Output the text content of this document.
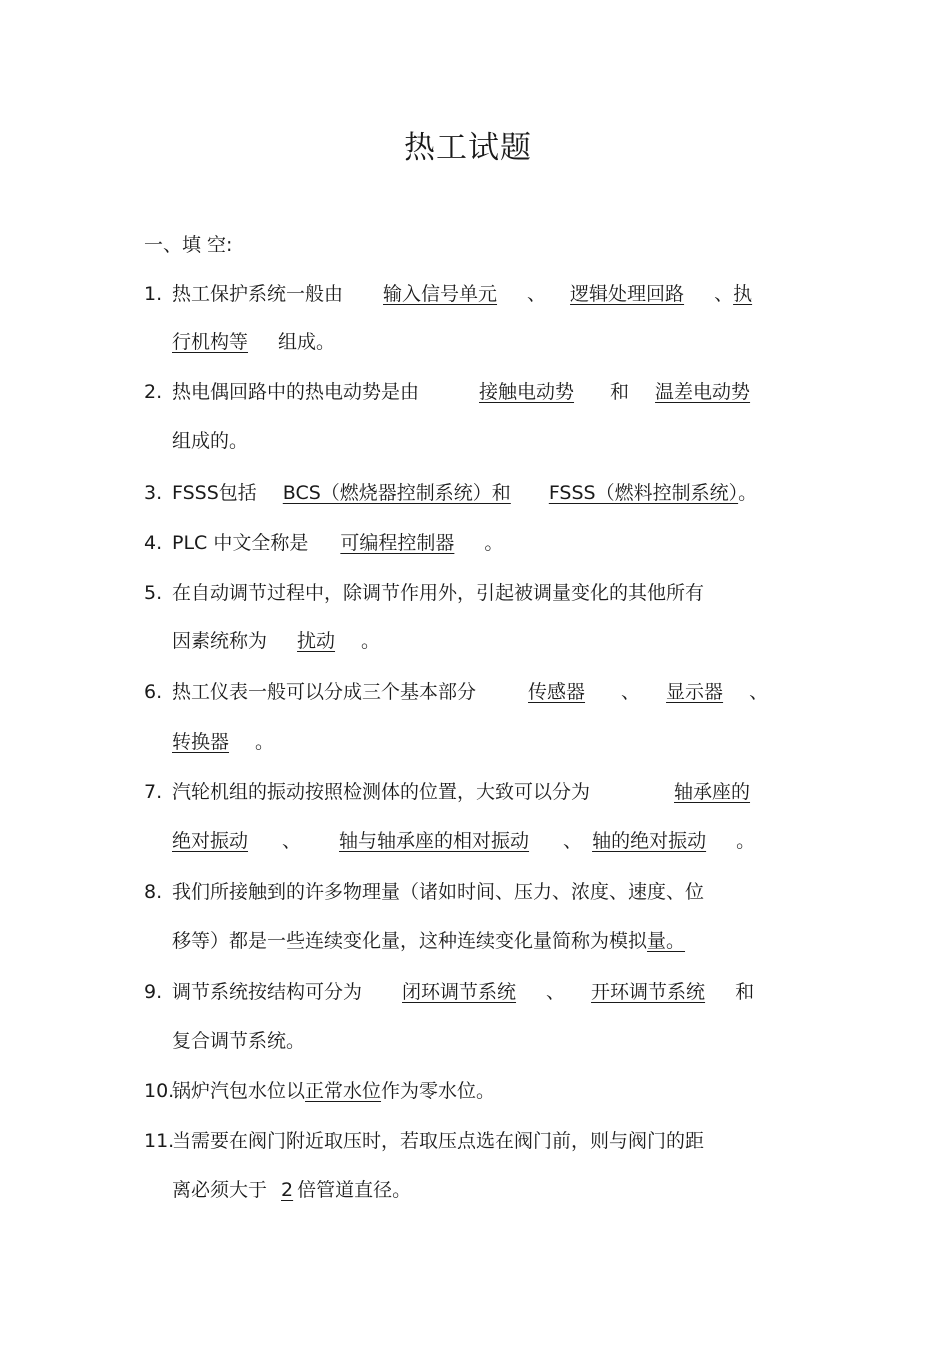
热工试题
一、填 空:
1. 热工保护系统一般由 输入信号单元 、 逻辑处理回路 、执
行机构等 组成。
2. 热电偶回路中的热电动势是由	接触电动势 和 温差电动势
组成的。
3. FSSS包括 BCS（燃烧器控制系统）和 FSSS（燃料控制系统）。
4. PLC 中文全称是 可编程控制器 。
5. 在自动调节过程中，除调节作用外，引起被调量变化的其他所有
因素统称为 扰动 。
6. 热工仪表一般可以分成三个基本部分	传感器 、 显示器 、
转换器 。
7. 汽轮机组的振动按照检测体的位置，大致可以分为	轴承座的
绝对振动 、 轴与轴承座的相对振动 、 轴的绝对振动 。
8. 我们所接触到的许多物理量（诸如时间、压力、浓度、速度、位
移等）都是一些连续变化量，这种连续变化量简称为模拟量。
9. 调节系统按结构可分为 闭环调节系统 、 开环调节系统 和
复合调节系统。
10.锅炉汽包水位以正常水位作为零水位。
11.当需要在阀门附近取压时，若取压点选在阀门前，则与阀门的距
离必须大于 2 倍管道直径。
